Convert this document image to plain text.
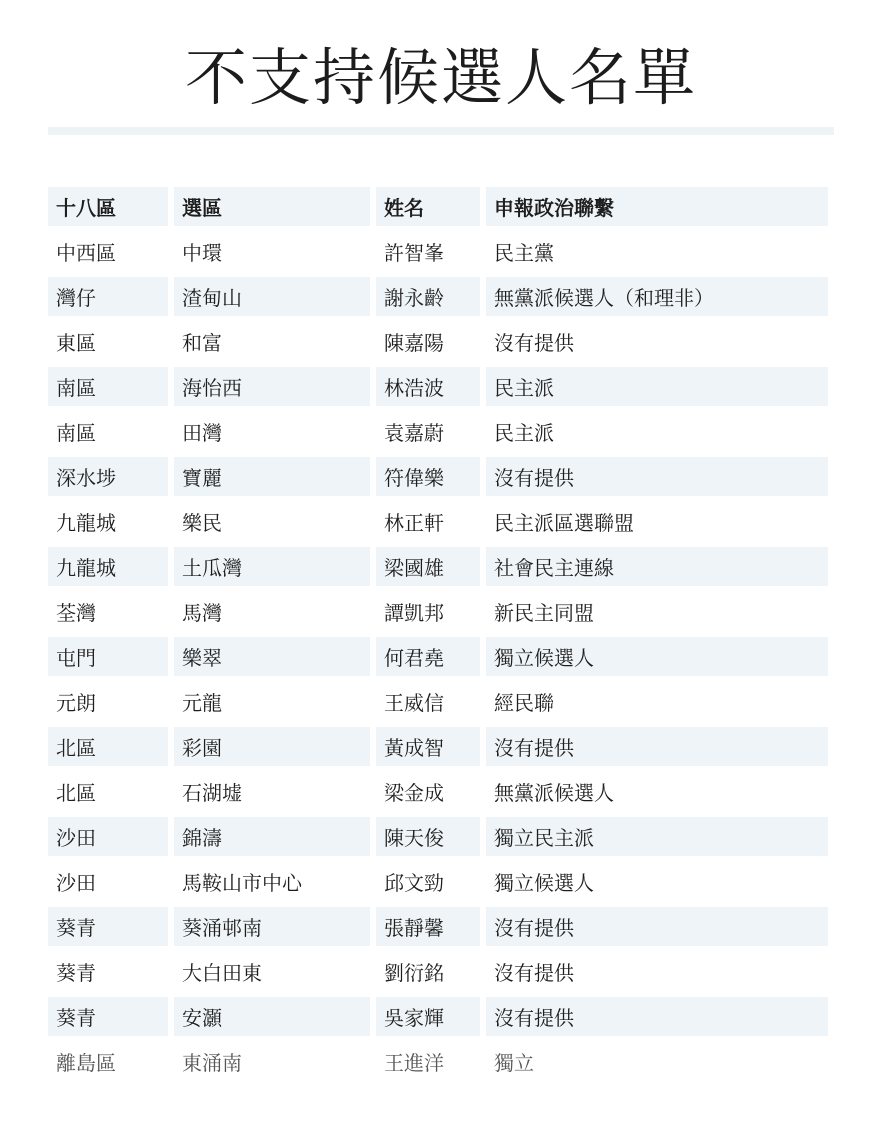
不支持候選人名單
十八區	選區	姓名	申報政治聯繫
中西區	中環	許智峯	民主黨
灣仔	渣甸山	謝永齡	無黨派候選人（和理非）
東區	和富	陳嘉陽	沒有提供
南區	海怡西	林浩波	民主派
南區	田灣	袁嘉蔚	民主派
深水埗	寶麗	符偉樂	沒有提供
九龍城	樂民	林正軒	民主派區選聯盟
九龍城	土瓜灣	梁國雄	社會民主連線
荃灣	馬灣	譚凱邦	新民主同盟
屯門	樂翠	何君堯	獨立候選人
元朗	元龍	王威信	經民聯
北區	彩園	黃成智	沒有提供
北區	石湖墟	梁金成	無黨派候選人
沙田	錦濤	陳天俊	獨立民主派
沙田	馬鞍山市中心	邱文勁	獨立候選人
葵青	葵涌邨南	張靜馨	沒有提供
葵青	大白田東	劉衍銘	沒有提供
葵青	安灝	吳家輝	沒有提供
離島區	東涌南	王進洋	獨立
